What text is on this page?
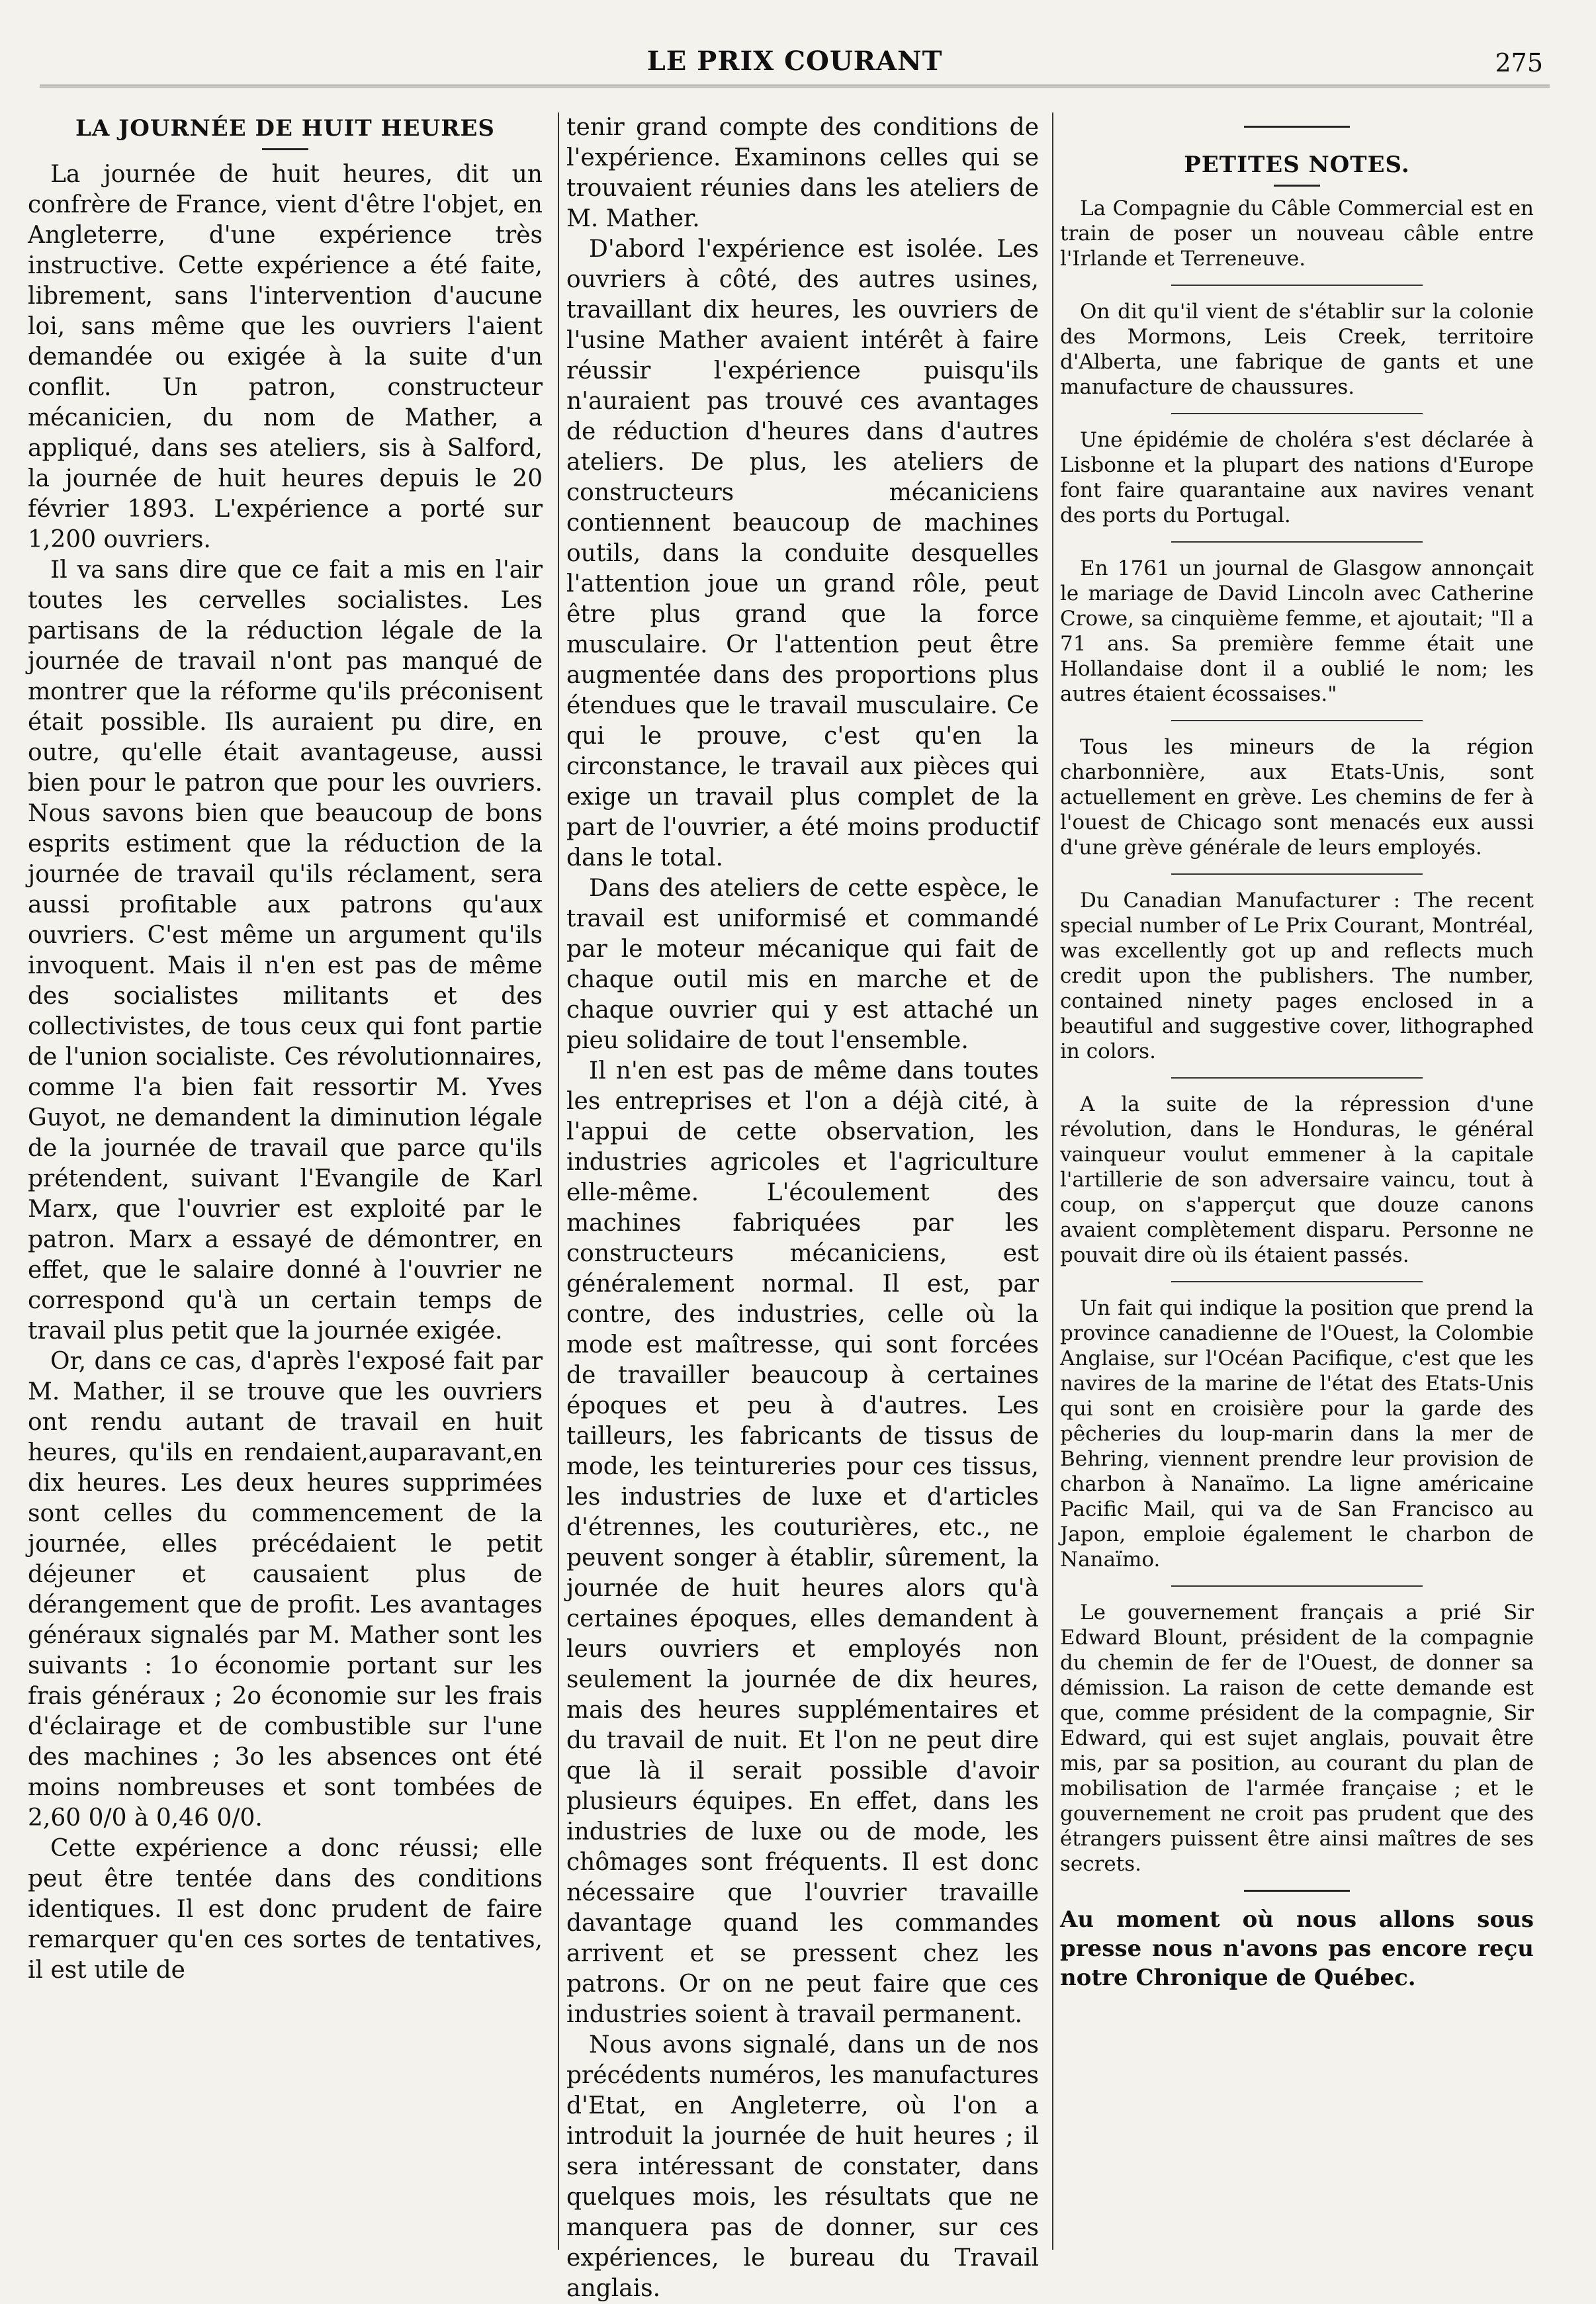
LE PRIX COURANT	275
LA JOURNÉE DE HUIT HEURES

La journée de huit heures, dit un confrère de France, vient d'être l'objet, en Angleterre, d'une expérience très instructive. Cette expérience a été faite, librement, sans l'intervention d'aucune loi, sans même que les ouvriers l'aient demandée ou exigée à la suite d'un conflit. Un patron, constructeur mécanicien, du nom de Mather, a appliqué, dans ses ateliers, sis à Salford, la journée de huit heures depuis le 20 février 1893. L'expérience a porté sur 1,200 ouvriers.

Il va sans dire que ce fait a mis en l'air toutes les cervelles socialistes. Les partisans de la réduction légale de la journée de travail n'ont pas manqué de montrer que la réforme qu'ils préconisent était possible. Ils auraient pu dire, en outre, qu'elle était avantageuse, aussi bien pour le patron que pour les ouvriers. Nous savons bien que beaucoup de bons esprits estiment que la réduction de la journée de travail qu'ils réclament, sera aussi profitable aux patrons qu'aux ouvriers. C'est même un argument qu'ils invoquent. Mais il n'en est pas de même des socialistes militants et des collectivistes, de tous ceux qui font partie de l'union socialiste. Ces révolutionnaires, comme l'a bien fait ressortir M. Yves Guyot, ne demandent la diminution légale de la journée de travail que parce qu'ils prétendent, suivant l'Evangile de Karl Marx, que l'ouvrier est exploité par le patron. Marx a essayé de démontrer, en effet, que le salaire donné à l'ouvrier ne correspond qu'à un certain temps de travail plus petit que la journée exigée.

Or, dans ce cas, d'après l'exposé fait par M. Mather, il se trouve que les ouvriers ont rendu autant de travail en huit heures, qu'ils en rendaient,auparavant,en dix heures. Les deux heures supprimées sont celles du commencement de la journée, elles précédaient le petit déjeuner et causaient plus de dérangement que de profit. Les avantages généraux signalés par M. Mather sont les suivants : 1o économie portant sur les frais généraux ; 2o économie sur les frais d'éclairage et de combustible sur l'une des machines ; 3o les absences ont été moins nombreuses et sont tombées de 2,60 0/0 à 0,46 0/0.

Cette expérience a donc réussi; elle peut être tentée dans des conditions identiques. Il est donc prudent de faire remarquer qu'en ces sortes de tentatives, il est utile de

tenir grand compte des conditions de l'expérience. Examinons celles qui se trouvaient réunies dans les ateliers de M. Mather.

D'abord l'expérience est isolée. Les ouvriers à côté, des autres usines, travaillant dix heures, les ouvriers de l'usine Mather avaient intérêt à faire réussir l'expérience puisqu'ils n'auraient pas trouvé ces avantages de réduction d'heures dans d'autres ateliers. De plus, les ateliers de constructeurs mécaniciens contiennent beaucoup de machines outils, dans la conduite desquelles l'attention joue un grand rôle, peut être plus grand que la force musculaire. Or l'attention peut être augmentée dans des proportions plus étendues que le travail musculaire. Ce qui le prouve, c'est qu'en la circonstance, le travail aux pièces qui exige un travail plus complet de la part de l'ouvrier, a été moins productif dans le total.

Dans des ateliers de cette espèce, le travail est uniformisé et commandé par le moteur mécanique qui fait de chaque outil mis en marche et de chaque ouvrier qui y est attaché un pieu solidaire de tout l'ensemble.

Il n'en est pas de même dans toutes les entreprises et l'on a déjà cité, à l'appui de cette observation, les industries agricoles et l'agriculture elle-même. L'écoulement des machines fabriquées par les constructeurs mécaniciens, est généralement normal. Il est, par contre, des industries, celle où la mode est maîtresse, qui sont forcées de travailler beaucoup à certaines époques et peu à d'autres. Les tailleurs, les fabricants de tissus de mode, les teintureries pour ces tissus, les industries de luxe et d'articles d'étrennes, les couturières, etc., ne peuvent songer à établir, sûrement, la journée de huit heures alors qu'à certaines époques, elles demandent à leurs ouvriers et employés non seulement la journée de dix heures, mais des heures supplémentaires et du travail de nuit. Et l'on ne peut dire que là il serait possible d'avoir plusieurs équipes. En effet, dans les industries de luxe ou de mode, les chômages sont fréquents. Il est donc nécessaire que l'ouvrier travaille davantage quand les commandes arrivent et se pressent chez les patrons. Or on ne peut faire que ces industries soient à travail permanent.

Nous avons signalé, dans un de nos précédents numéros, les manufactures d'Etat, en Angleterre, où l'on a introduit la journée de huit heures ; il sera intéressant de constater, dans quelques mois, les résultats que ne manquera pas de donner, sur ces expériences, le bureau du Travail anglais.

PETITES NOTES.

La Compagnie du Câble Commercial est en train de poser un nouveau câble entre l'Irlande et Terreneuve.

On dit qu'il vient de s'établir sur la colonie des Mormons, Leis Creek, territoire d'Alberta, une fabrique de gants et une manufacture de chaussures.

Une épidémie de choléra s'est déclarée à Lisbonne et la plupart des nations d'Europe font faire quarantaine aux navires venant des ports du Portugal.

En 1761 un journal de Glasgow annonçait le mariage de David Lincoln avec Catherine Crowe, sa cinquième femme, et ajoutait; "Il a 71 ans. Sa première femme était une Hollandaise dont il a oublié le nom; les autres étaient écossaises."

Tous les mineurs de la région charbonnière, aux Etats-Unis, sont actuellement en grève. Les chemins de fer à l'ouest de Chicago sont menacés eux aussi d'une grève générale de leurs employés.

Du Canadian Manufacturer : The recent special number of Le Prix Courant, Montréal, was excellently got up and reflects much credit upon the publishers. The number, contained ninety pages enclosed in a beautiful and suggestive cover, lithographed in colors.

A la suite de la répression d'une révolution, dans le Honduras, le général vainqueur voulut emmener à la capitale l'artillerie de son adversaire vaincu, tout à coup, on s'apperçut que douze canons avaient complètement disparu. Personne ne pouvait dire où ils étaient passés.

Un fait qui indique la position que prend la province canadienne de l'Ouest, la Colombie Anglaise, sur l'Océan Pacifique, c'est que les navires de la marine de l'état des Etats-Unis qui sont en croisière pour la garde des pêcheries du loup-marin dans la mer de Behring, viennent prendre leur provision de charbon à Nanaïmo. La ligne américaine Pacific Mail, qui va de San Francisco au Japon, emploie également le charbon de Nanaïmo.

Le gouvernement français a prié Sir Edward Blount, président de la compagnie du chemin de fer de l'Ouest, de donner sa démission. La raison de cette demande est que, comme président de la compagnie, Sir Edward, qui est sujet anglais, pouvait être mis, par sa position, au courant du plan de mobilisation de l'armée française ; et le gouvernement ne croit pas prudent que des étrangers puissent être ainsi maîtres de ses secrets.

Au moment où nous allons sous presse nous n'avons pas encore reçu notre Chronique de Québec.
